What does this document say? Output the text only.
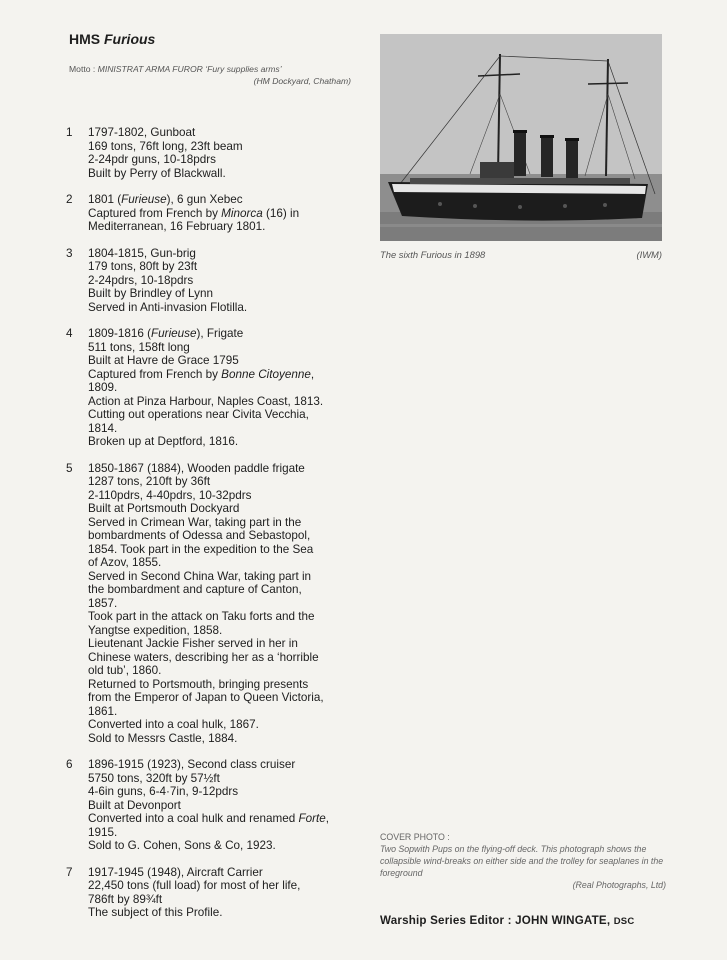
HMS Furious
Motto : MINISTRAT ARMA FUROR ‘Fury supplies arms’
(HM Dockyard, Chatham)
1	1797-1802, Gunboat
169 tons, 76ft long, 23ft beam
2-24pdr guns, 10-18pdrs
Built by Perry of Blackwall.
2	1801 (Furieuse), 6 gun Xebec
Captured from French by Minorca (16) in
Mediterranean, 16 February 1801.
3	1804-1815, Gun-brig
179 tons, 80ft by 23ft
2-24pdrs, 10-18pdrs
Built by Brindley of Lynn
Served in Anti-invasion Flotilla.
4	1809-1816 (Furieuse), Frigate
511 tons, 158ft long
Built at Havre de Grace 1795
Captured from French by Bonne Citoyenne,
1809.
Action at Pinza Harbour, Naples Coast, 1813.
Cutting out operations near Civita Vecchia,
1814.
Broken up at Deptford, 1816.
5	1850-1867 (1884), Wooden paddle frigate
1287 tons, 210ft by 36ft
2-110pdrs, 4-40pdrs, 10-32pdrs
Built at Portsmouth Dockyard
Served in Crimean War, taking part in the
bombardments of Odessa and Sebastopol,
1854. Took part in the expedition to the Sea
of Azov, 1855.
Served in Second China War, taking part in
the bombardment and capture of Canton,
1857.
Took part in the attack on Taku forts and the
Yangtse expedition, 1858.
Lieutenant Jackie Fisher served in her in
Chinese waters, describing her as a ‘horrible
old tub’, 1860.
Returned to Portsmouth, bringing presents
from the Emperor of Japan to Queen Victoria,
1861.
Converted into a coal hulk, 1867.
Sold to Messrs Castle, 1884.
6	1896-1915 (1923), Second class cruiser
5750 tons, 320ft by 57½ft
4-6in guns, 6-4·7in, 9-12pdrs
Built at Devonport
Converted into a coal hulk and renamed Forte,
1915.
Sold to G. Cohen, Sons & Co, 1923.
7	1917-1945 (1948), Aircraft Carrier
22,450 tons (full load) for most of her life,
786ft by 89¾ft
The subject of this Profile.
The sixth Furious in 1898	(IWM)
COVER PHOTO :
Two Sopwith Pups on the flying-off deck. This photograph shows the collapsible wind-breaks on either side and the trolley for seaplanes in the foreground
(Real Photographs, Ltd)
Warship Series Editor : JOHN WINGATE, DSC
